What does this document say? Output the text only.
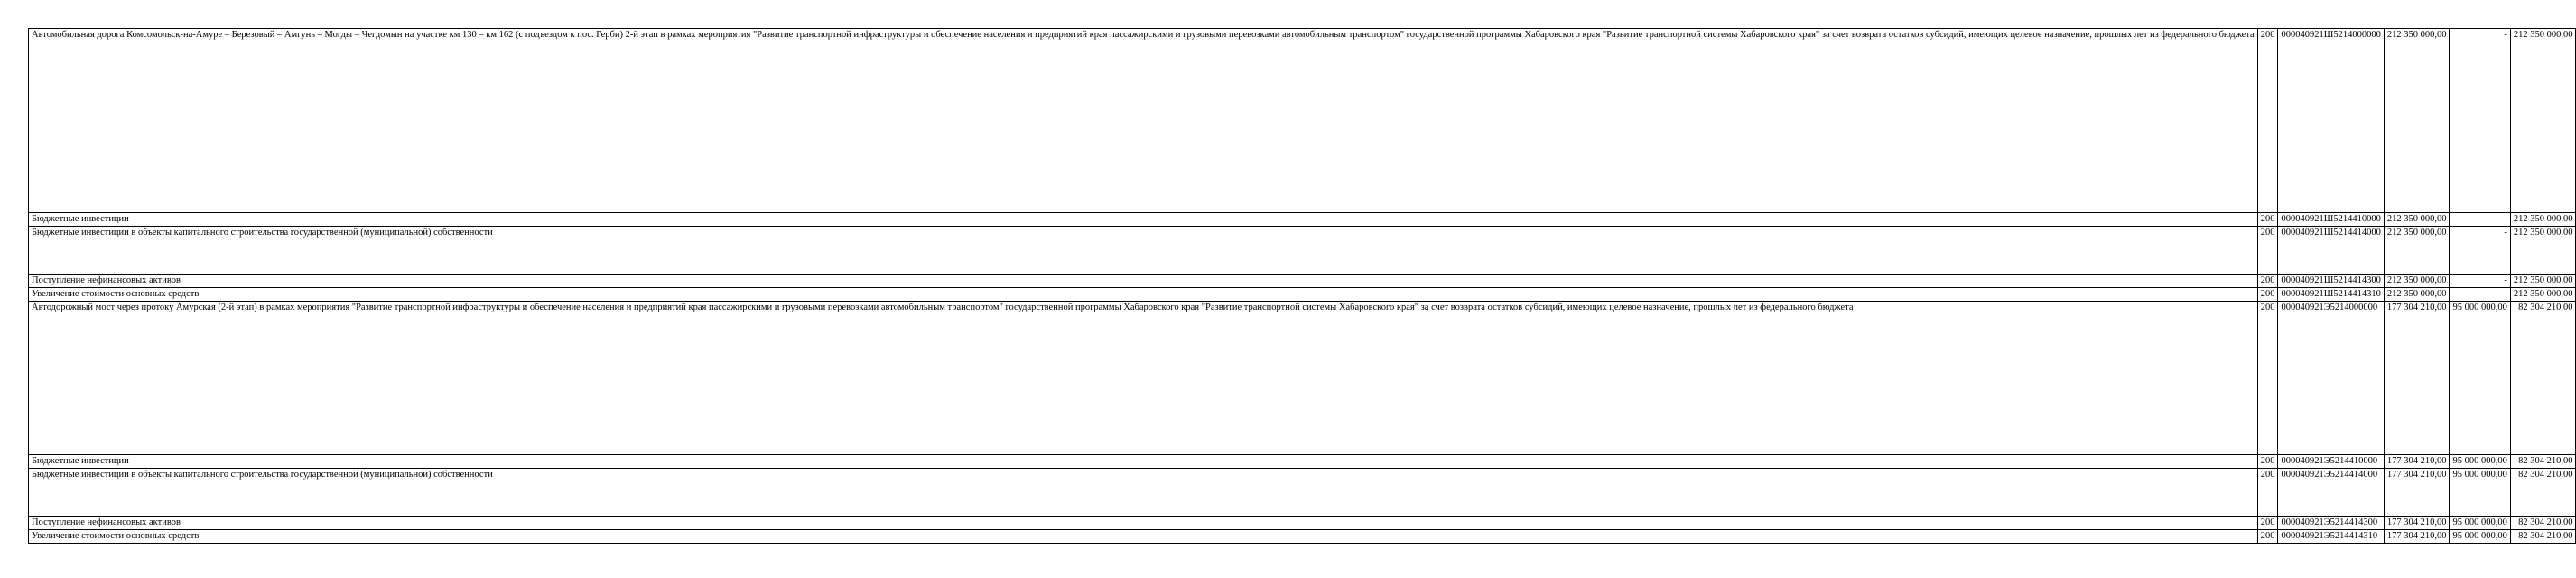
Автомобильная дорога Комсомольск-на-Амуре – Березовый – Амгунь – Могды – Чегдомын на участке км 130 – км 162 (с подъездом к пос. Герби) 2-й этап в рамках мероприятия "Развитие транспортной инфраструктуры и обеспечение населения и предприятий края пассажирскими и грузовыми перевозками автомобильным транспортом" государственной программы Хабаровского края "Развитие транспортной системы Хабаровского края" за счет возврата остатков субсидий, имеющих целевое назначение, прошлых лет из федерального бюджета	200	000040921Ш5214000000	212 350 000,00	-	212 350 000,00
Бюджетные инвестиции	200	000040921Ш5214410000	212 350 000,00	-	212 350 000,00
Бюджетные инвестиции в объекты капитального строительства государственной (муниципальной) собственности	200	000040921Ш5214414000	212 350 000,00	-	212 350 000,00
Поступление нефинансовых активов	200	000040921Ш5214414300	212 350 000,00	-	212 350 000,00
Увеличение стоимости основных средств	200	000040921Ш5214414310	212 350 000,00	-	212 350 000,00
Автодорожный мост через протоку Амурская (2-й этап) в рамках мероприятия "Развитие транспортной инфраструктуры и обеспечение населения и предприятий края пассажирскими и грузовыми перевозками автомобильным транспортом" государственной программы Хабаровского края "Развитие транспортной системы Хабаровского края" за счет возврата остатков субсидий, имеющих целевое назначение, прошлых лет из федерального бюджета	200	000040921Э5214000000	177 304 210,00	95 000 000,00	82 304 210,00
Бюджетные инвестиции	200	000040921Э5214410000	177 304 210,00	95 000 000,00	82 304 210,00
Бюджетные инвестиции в объекты капитального строительства государственной (муниципальной) собственности	200	000040921Э5214414000	177 304 210,00	95 000 000,00	82 304 210,00
Поступление нефинансовых активов	200	000040921Э5214414300	177 304 210,00	95 000 000,00	82 304 210,00
Увеличение стоимости основных средств	200	000040921Э5214414310	177 304 210,00	95 000 000,00	82 304 210,00
